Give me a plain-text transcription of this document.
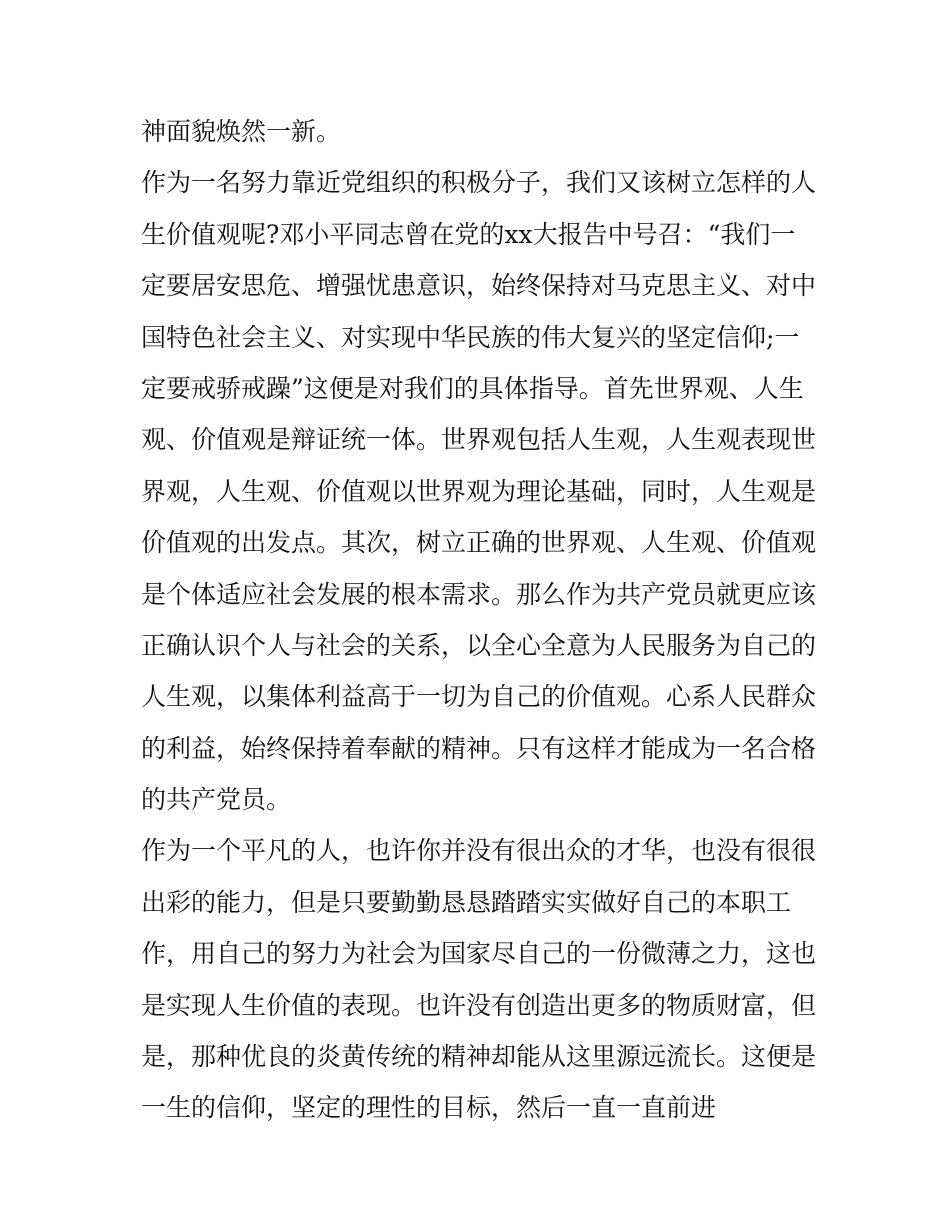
神面貌焕然一新。
作为一名努力靠近党组织的积极分子，我们又该树立怎样的人
生价值观呢?邓小平同志曾在党的xx大报告中号召：“我们一
定要居安思危、增强忧患意识，始终保持对马克思主义、对中
国特色社会主义、对实现中华民族的伟大复兴的坚定信仰;一
定要戒骄戒躁”这便是对我们的具体指导。首先世界观、人生
观、价值观是辩证统一体。世界观包括人生观，人生观表现世
界观，人生观、价值观以世界观为理论基础，同时，人生观是
价值观的出发点。其次，树立正确的世界观、人生观、价值观
是个体适应社会发展的根本需求。那么作为共产党员就更应该
正确认识个人与社会的关系，以全心全意为人民服务为自己的
人生观，以集体利益高于一切为自己的价值观。心系人民群众
的利益，始终保持着奉献的精神。只有这样才能成为一名合格
的共产党员。
作为一个平凡的人，也许你并没有很出众的才华，也没有很很
出彩的能力，但是只要勤勤恳恳踏踏实实做好自己的本职工
作，用自己的努力为社会为国家尽自己的一份微薄之力，这也
是实现人生价值的表现。也许没有创造出更多的物质财富，但
是，那种优良的炎黄传统的精神却能从这里源远流长。这便是
一生的信仰，坚定的理性的目标，然后一直一直前进
